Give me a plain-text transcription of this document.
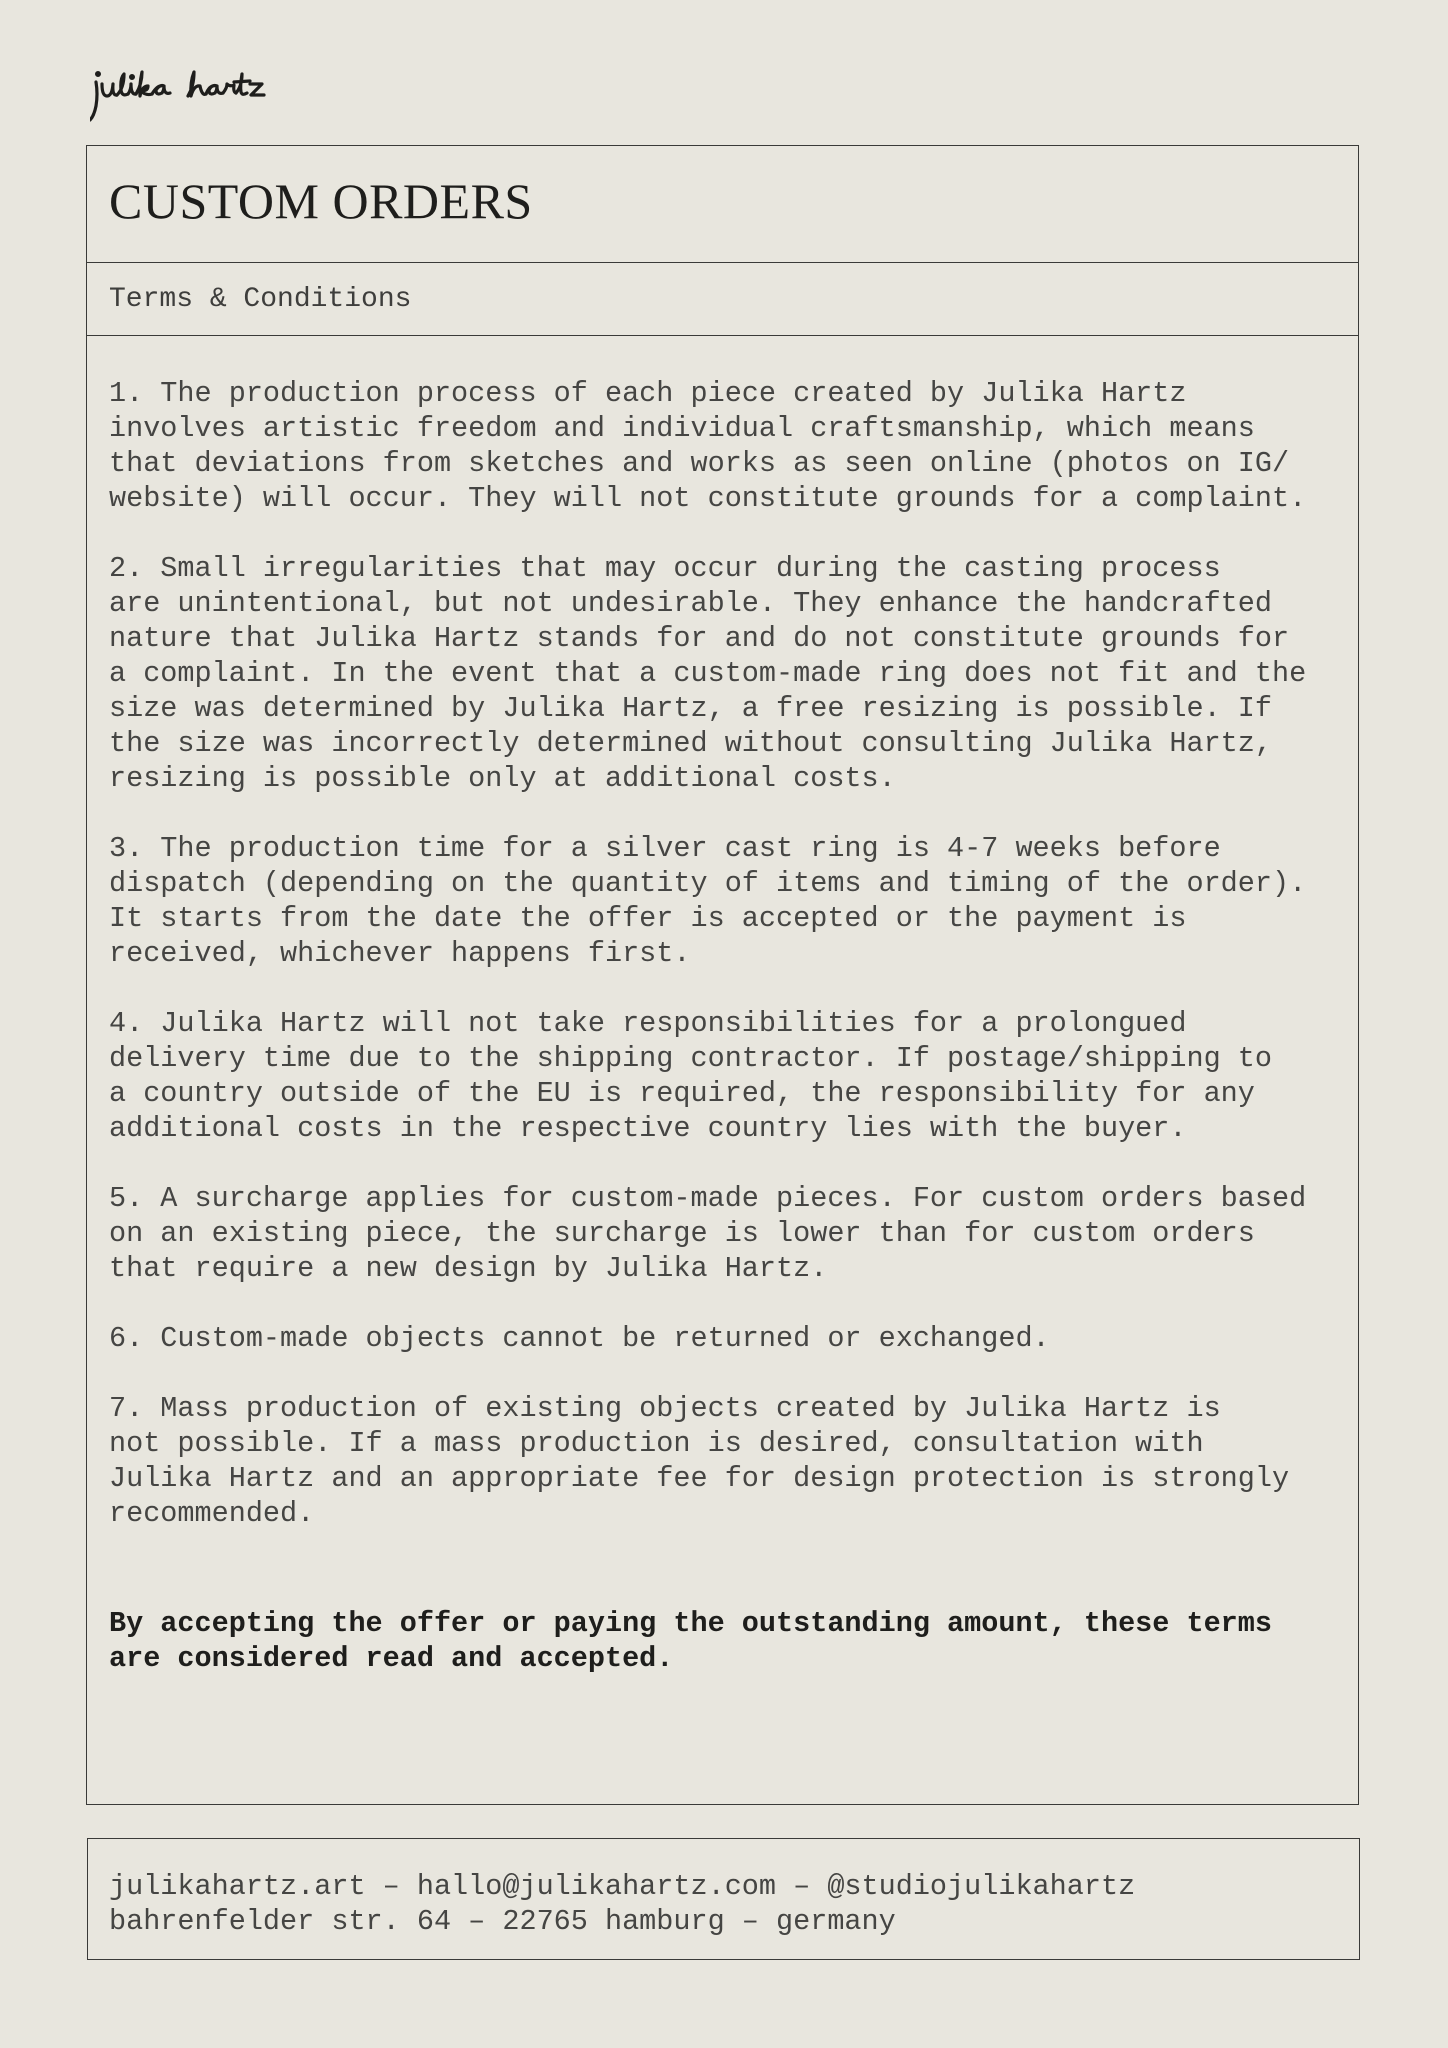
CUSTOM ORDERS

Terms & Conditions

1. The production process of each piece created by Julika Hartz
involves artistic freedom and individual craftsmanship, which means
that deviations from sketches and works as seen online (photos on IG/
website) will occur. They will not constitute grounds for a complaint.

2. Small irregularities that may occur during the casting process
are unintentional, but not undesirable. They enhance the handcrafted
nature that Julika Hartz stands for and do not constitute grounds for
a complaint. In the event that a custom-made ring does not fit and the
size was determined by Julika Hartz, a free resizing is possible. If
the size was incorrectly determined without consulting Julika Hartz,
resizing is possible only at additional costs.

3. The production time for a silver cast ring is 4-7 weeks before
dispatch (depending on the quantity of items and timing of the order).
It starts from the date the offer is accepted or the payment is
received, whichever happens first.

4. Julika Hartz will not take responsibilities for a prolongued
delivery time due to the shipping contractor. If postage/shipping to
a country outside of the EU is required, the responsibility for any
additional costs in the respective country lies with the buyer.

5. A surcharge applies for custom-made pieces. For custom orders based
on an existing piece, the surcharge is lower than for custom orders
that require a new design by Julika Hartz.

6. Custom-made objects cannot be returned or exchanged.

7. Mass production of existing objects created by Julika Hartz is
not possible. If a mass production is desired, consultation with
Julika Hartz and an appropriate fee for design protection is strongly
recommended.

By accepting the offer or paying the outstanding amount, these terms
are considered read and accepted.

julikahartz.art – hallo@julikahartz.com – @studiojulikahartz

bahrenfelder str. 64 – 22765 hamburg – germany
